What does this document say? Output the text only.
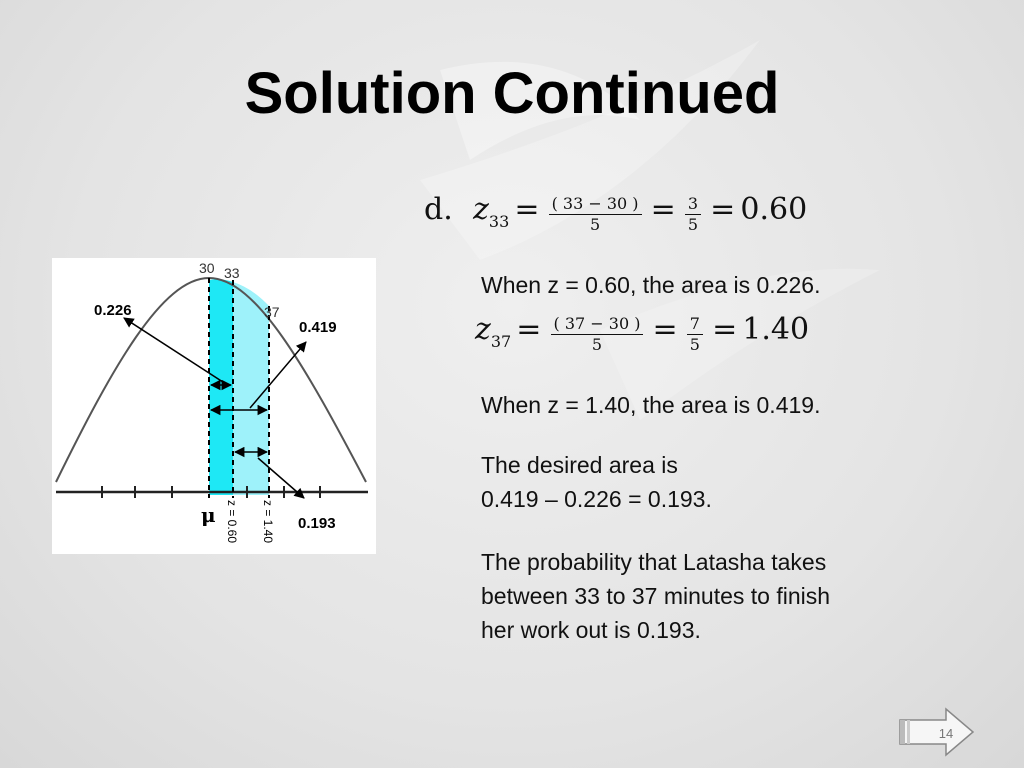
Solution Continued
d. $z33 = \frac{( 33 - 30 )}{5} = \frac{3}{5} = 0.60$
When z = 0.60, the area is 0.226.
$z37 = \frac{( 37 - 30 )}{5} = \frac{7}{5} = 1.40$
When z = 1.40, the area is 0.419.
The desired area is
0.419 – 0.226 = 0.193.
The probability that Latasha takes
between 33 to 37 minutes to finish
her work out is 0.193.
30 33
37
0.226
0.419
0.193
μ z = 0.60 z = 1.40
14
